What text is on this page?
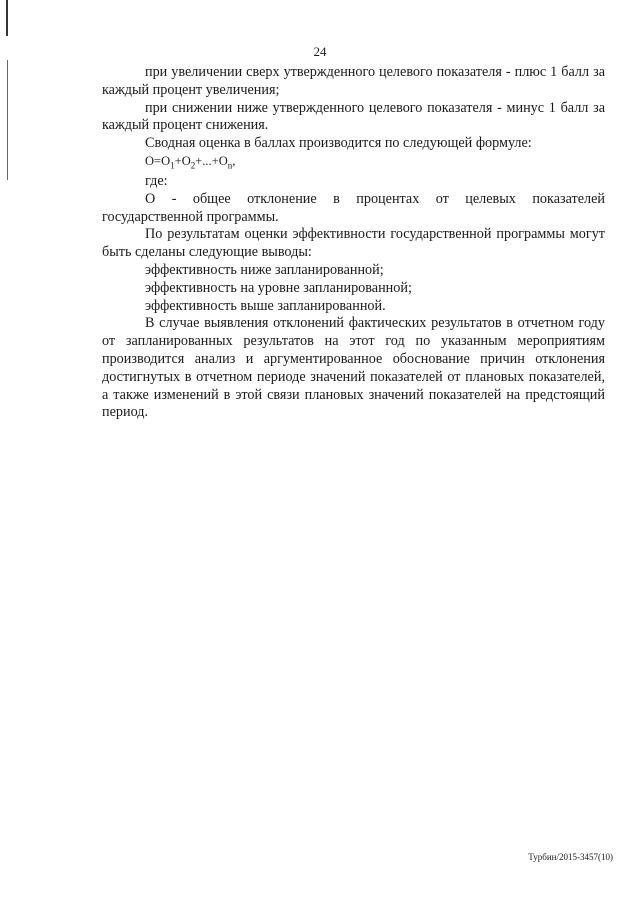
24

при увеличении сверх утвержденного целевого показателя - плюс 1 балл за каждый процент увеличения;

при снижении ниже утвержденного целевого показателя - минус 1 балл за каждый процент снижения.

Сводная оценка в баллах производится по следующей формуле:

$O=O_1+O_2+...+O_n$,

где:

О - общее отклонение в процентах от целевых показателей государственной программы.

По результатам оценки эффективности государственной программы могут быть сделаны следующие выводы:

эффективность ниже запланированной;

эффективность на уровне запланированной;

эффективность выше запланированной.

В случае выявления отклонений фактических результатов в отчетном году от запланированных результатов на этот год по указанным мероприятиям производится анализ и аргументированное обоснование причин отклонения достигнутых в отчетном периоде значений показателей от плановых показателей, а также изменений в этой связи плановых значений показателей на предстоящий период.

Турбин/2015-3457(10)
